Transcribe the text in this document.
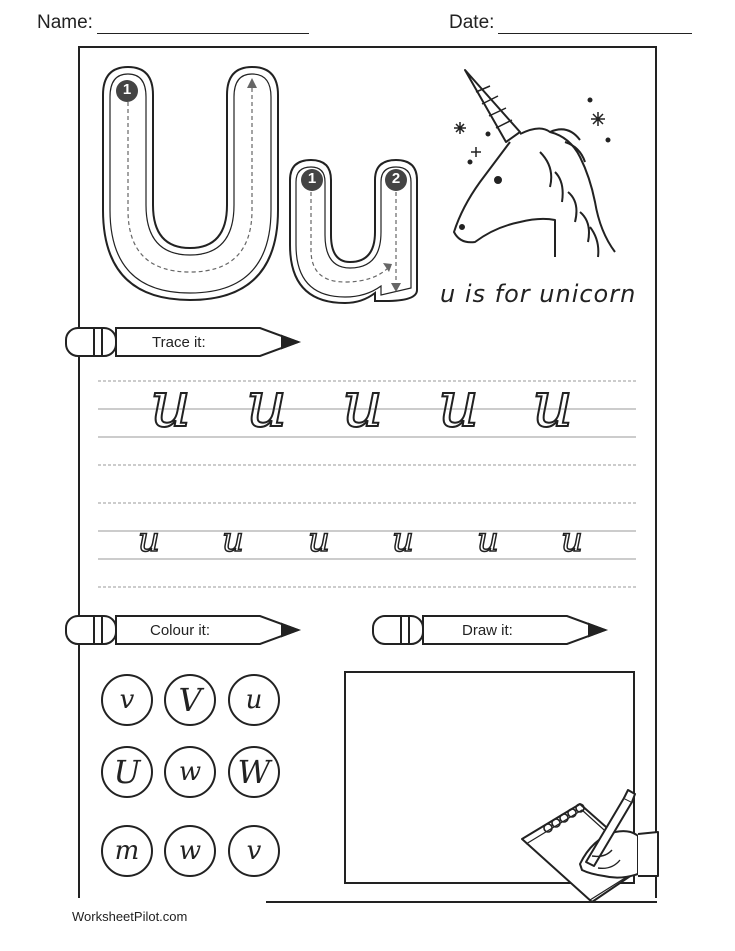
Name:	Date:
1
1	2
u is for unicorn
Trace it:
Colour it:	Draw it:
u u u u u
u u u u u u
v V u
U w W
m w v
WorksheetPilot.com
